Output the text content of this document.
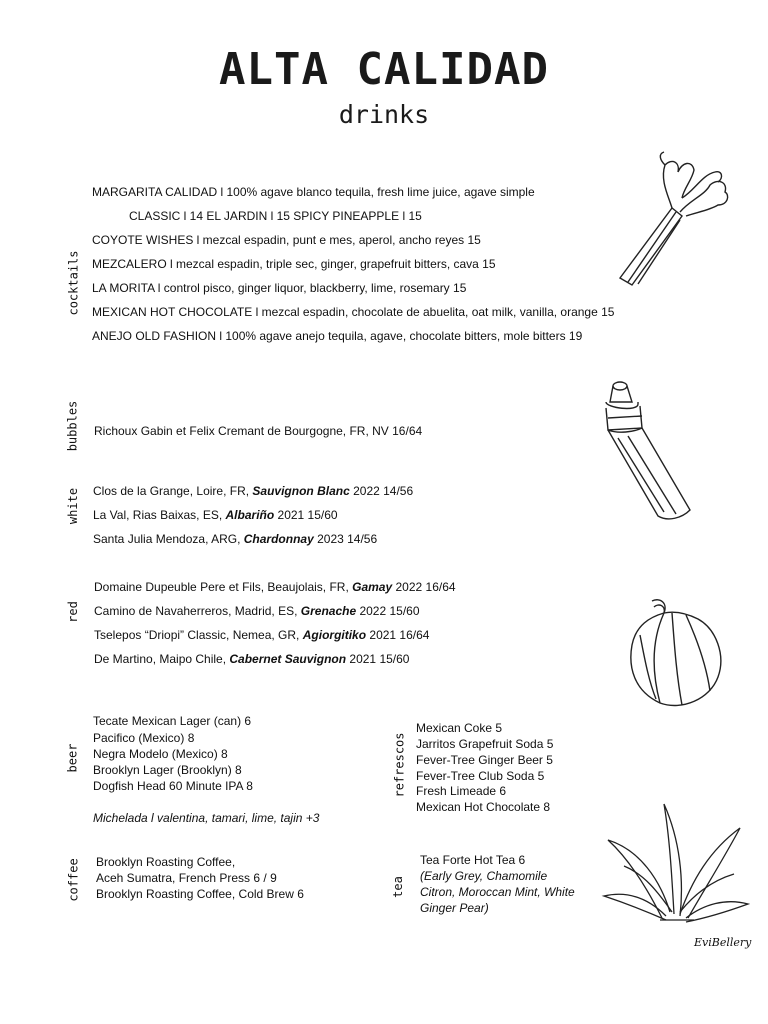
ALTA CALIDAD
drinks
cocktails
bubbles
white
red
beer	refrescos
coffee	tea
MARGARITA CALIDAD l 100% agave blanco tequila, fresh lime juice, agave simple
CLASSIC l 14 EL JARDIN l 15 SPICY PINEAPPLE l 15
COYOTE WISHES l mezcal espadin, punt e mes, aperol, ancho reyes 15
MEZCALERO l mezcal espadin, triple sec, ginger, grapefruit bitters, cava 15
LA MORITA l control pisco, ginger liquor, blackberry, lime, rosemary 15
MEXICAN HOT CHOCOLATE l mezcal espadin, chocolate de abuelita, oat milk, vanilla, orange 15
ANEJO OLD FASHION l 100% agave anejo tequila, agave, chocolate bitters, mole bitters 19
Richoux Gabin et Felix Cremant de Bourgogne, FR, NV 16/64
Clos de la Grange, Loire, FR, Sauvignon Blanc 2022 14/56
La Val, Rias Baixas, ES, Albariño 2021 15/60
Santa Julia Mendoza, ARG, Chardonnay 2023 14/56
Domaine Dupeuble Pere et Fils, Beaujolais, FR, Gamay 2022 16/64
Camino de Navaherreros, Madrid, ES, Grenache 2022 15/60
Tselepos “Driopi” Classic, Nemea, GR, Agiorgitiko 2021 16/64
De Martino, Maipo Chile, Cabernet Sauvignon 2021 15/60
Tecate Mexican Lager (can) 6
Pacifico (Mexico) 8
Negra Modelo (Mexico) 8
Brooklyn Lager (Brooklyn) 8
Dogfish Head 60 Minute IPA 8
Michelada l valentina, tamari, lime, tajin +3
Mexican Coke 5
Jarritos Grapefruit Soda 5
Fever-Tree Ginger Beer 5
Fever-Tree Club Soda 5
Fresh Limeade 6
Mexican Hot Chocolate 8
Brooklyn Roasting Coffee,
Aceh Sumatra, French Press 6 / 9
Brooklyn Roasting Coffee, Cold Brew 6
Tea Forte Hot Tea 6
(Early Grey, Chamomile
Citron, Moroccan Mint, White
Ginger Pear)
EviBellery
